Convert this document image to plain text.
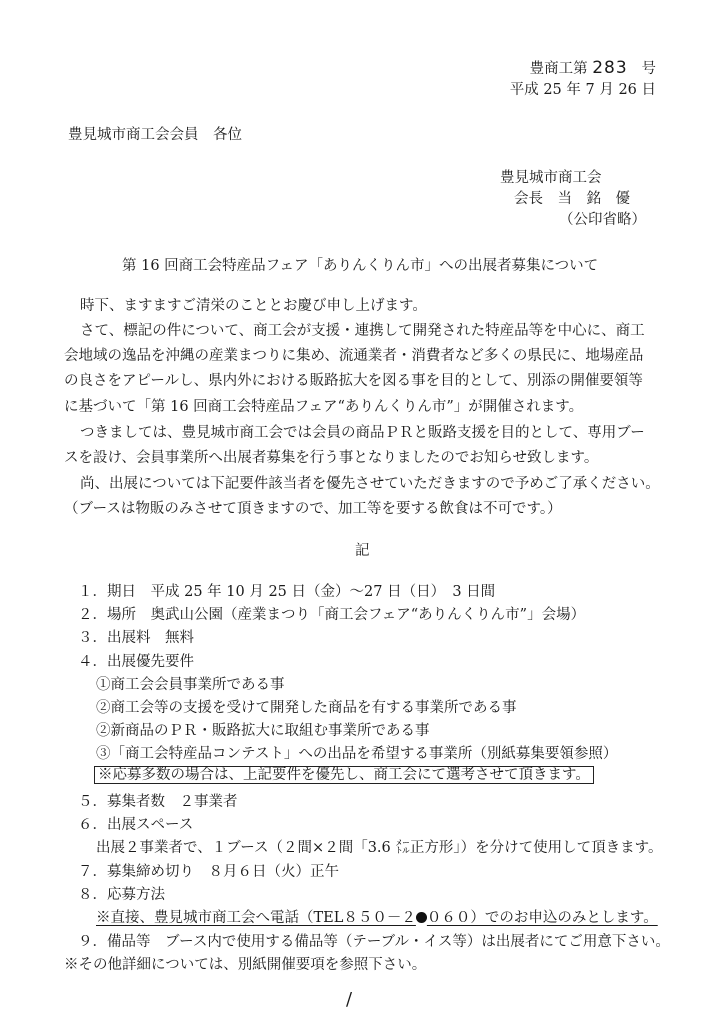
豊商工第 283 号
平成 25 年 7 月 26 日
豊見城市商工会会員　各位
豊見城市商工会
会長　当　銘　優
（公印省略）
第 16 回商工会特産品フェア「ありんくりん市」への出展者募集について
時下、ますますご清栄のこととお慶び申し上げます。
さて、標記の件について、商工会が支援・連携して開発された特産品等を中心に、商工
会地域の逸品を沖縄の産業まつりに集め、流通業者・消費者など多くの県民に、地場産品
の良さをアピールし、県内外における販路拡大を図る事を目的として、別添の開催要領等
に基づいて「第 16 回商工会特産品フェア“ありんくりん市”」が開催されます。
つきましては、豊見城市商工会では会員の商品ＰＲと販路支援を目的として、専用ブー
スを設け、会員事業所へ出展者募集を行う事となりましたのでお知らせ致します。
尚、出展については下記要件該当者を優先させていただきますので予めご了承ください。
（ブースは物販のみさせて頂きますので、加工等を要する飲食は不可です。）
記
１．期日　平成 25 年 10 月 25 日（金）～27 日（日）　3 日間
２．場所　奥武山公園（産業まつり「商工会フェア“ありんくりん市”」会場）
３．出展料　無料
４．出展優先要件
①商工会会員事業所である事
②商工会等の支援を受けて開発した商品を有する事業所である事
②新商品のＰＲ・販路拡大に取組む事業所である事
③「商工会特産品コンテスト」への出品を希望する事業所（別紙募集要領参照）
※応募多数の場合は、上記要件を優先し、商工会にて選考させて頂きます。
５．募集者数　２事業者
６．出展スペース
出展２事業者で、１ブース（２間×２間「3.6 ㍍正方形」）を分けて使用して頂きます。
７．募集締め切り　８月６日（火）正午
８．応募方法
※直接、豊見城市商工会へ電話（TEL８５０－２ ０６０）でのお申込のみとします。
９．備品等　ブース内で使用する備品等（テーブル・イス等）は出展者にてご用意下さい。
※その他詳細については、別紙開催要項を参照下さい。
/
